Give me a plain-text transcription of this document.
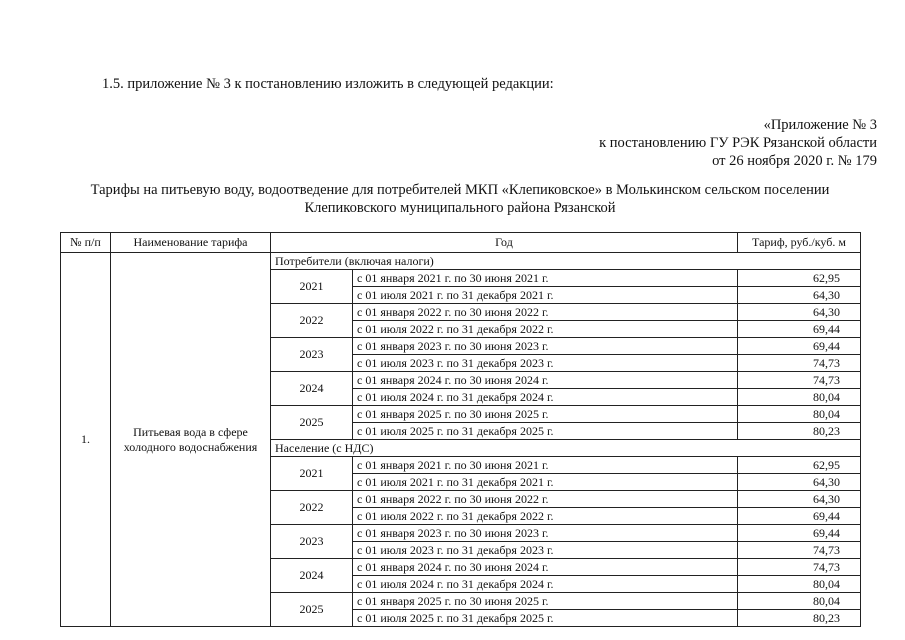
1.5. приложение № 3 к постановлению изложить в следующей редакции:
«Приложение № 3
к постановлению ГУ РЭК Рязанской области
от 26 ноября 2020 г. № 179
Тарифы на питьевую воду, водоотведение для потребителей МКП «Клепиковское» в Молькинском сельском поселении
Клепиковского муниципального района Рязанской
№ п/п	Наименование тарифа	Год		Тариф, руб./куб. м
1.	Питьевая вода в сфере холодного водоснабжения	Потребители (включая налоги)		
		2021	с 01 января 2021 г. по 30 июня 2021 г.	62,95
			с 01 июля 2021 г. по 31 декабря 2021 г.	64,30
		2022	с 01 января 2022 г. по 30 июня 2022 г.	64,30
			с 01 июля 2022 г. по 31 декабря 2022 г.	69,44
		2023	с 01 января 2023 г. по 30 июня 2023 г.	69,44
			с 01 июля 2023 г. по 31 декабря 2023 г.	74,73
		2024	с 01 января 2024 г. по 30 июня 2024 г.	74,73
			с 01 июля 2024 г. по 31 декабря 2024 г.	80,04
		2025	с 01 января 2025 г. по 30 июня 2025 г.	80,04
			с 01 июля 2025 г. по 31 декабря 2025 г.	80,23
		Население (с НДС)		
		2021	с 01 января 2021 г. по 30 июня 2021 г.	62,95
			с 01 июля 2021 г. по 31 декабря 2021 г.	64,30
		2022	с 01 января 2022 г. по 30 июня 2022 г.	64,30
			с 01 июля 2022 г. по 31 декабря 2022 г.	69,44
		2023	с 01 января 2023 г. по 30 июня 2023 г.	69,44
			с 01 июля 2023 г. по 31 декабря 2023 г.	74,73
		2024	с 01 января 2024 г. по 30 июня 2024 г.	74,73
			с 01 июля 2024 г. по 31 декабря 2024 г.	80,04
		2025	с 01 января 2025 г. по 30 июня 2025 г.	80,04
			с 01 июля 2025 г. по 31 декабря 2025 г.	80,23
